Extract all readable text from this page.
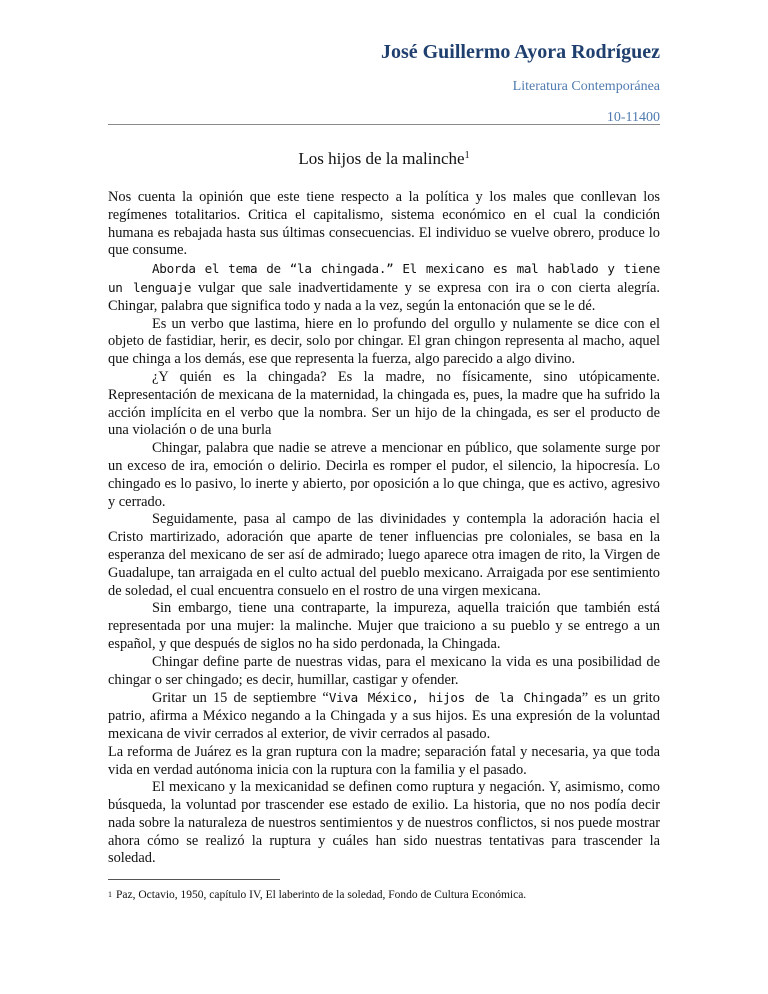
José Guillermo Ayora Rodríguez
Literatura Contemporánea
10-11400
Los hijos de la malinche$^1$

Nos cuenta la opinión que este tiene respecto a la política y los males que conllevan los regímenes totalitarios. Critica el capitalismo, sistema económico en el cual la condición humana es rebajada hasta sus últimas consecuencias. El individuo se vuelve obrero, produce lo que consume.

Aborda el tema de “la chingada.” El mexicano es mal hablado y tiene un lenguaje vulgar que sale inadvertidamente y se expresa con ira o con cierta alegría. Chingar, palabra que significa todo y nada a la vez, según la entonación que se le dé.

Es un verbo que lastima, hiere en lo profundo del orgullo y nulamente se dice con el objeto de fastidiar, herir, es decir, solo por chingar. El gran chingon representa al macho, aquel que chinga a los demás, ese que representa la fuerza, algo parecido a algo divino.

¿Y quién es la chingada? Es la madre, no físicamente, sino utópicamente. Representación de mexicana de la maternidad, la chingada es, pues, la madre que ha sufrido la acción implícita en el verbo que la nombra. Ser un hijo de la chingada, es ser el producto de una violación o de una burla

Chingar, palabra que nadie se atreve a mencionar en público, que solamente surge por un exceso de ira, emoción o delirio. Decirla es romper el pudor, el silencio, la hipocresía. Lo chingado es lo pasivo, lo inerte y abierto, por oposición a lo que chinga, que es activo, agresivo y cerrado.

Seguidamente, pasa al campo de las divinidades y contempla la adoración hacia el Cristo martirizado, adoración que aparte de tener influencias pre coloniales, se basa en la esperanza del mexicano de ser así de admirado; luego aparece otra imagen de rito, la Virgen de Guadalupe, tan arraigada en el culto actual del pueblo mexicano. Arraigada por ese sentimiento de soledad, el cual encuentra consuelo en el rostro de una virgen mexicana.

Sin embargo, tiene una contraparte, la impureza, aquella traición que también está representada por una mujer: la malinche. Mujer que traiciono a su pueblo y se entrego a un español, y que después de siglos no ha sido perdonada, la Chingada.

Chingar define parte de nuestras vidas, para el mexicano la vida es una posibilidad de chingar o ser chingado; es decir, humillar, castigar y ofender.

Gritar un 15 de septiembre “Viva México, hijos de la Chingada” es un grito patrio, afirma a México negando a la Chingada y a sus hijos. Es una expresión de la voluntad mexicana de vivir cerrados al exterior, de vivir cerrados al pasado.

La reforma de Juárez es la gran ruptura con la madre; separación fatal y necesaria, ya que toda vida en verdad autónoma inicia con la ruptura con la familia y el pasado.

El mexicano y la mexicanidad se definen como ruptura y negación. Y, asimismo, como búsqueda, la voluntad por trascender ese estado de exilio. La historia, que no nos podía decir nada sobre la naturaleza de nuestros sentimientos y de nuestros conflictos, si nos puede mostrar ahora cómo se realizó la ruptura y cuáles han sido nuestras tentativas para trascender la soledad.

$^1$ Paz, Octavio, 1950, capítulo IV, El laberinto de la soledad, Fondo de Cultura Económica.
